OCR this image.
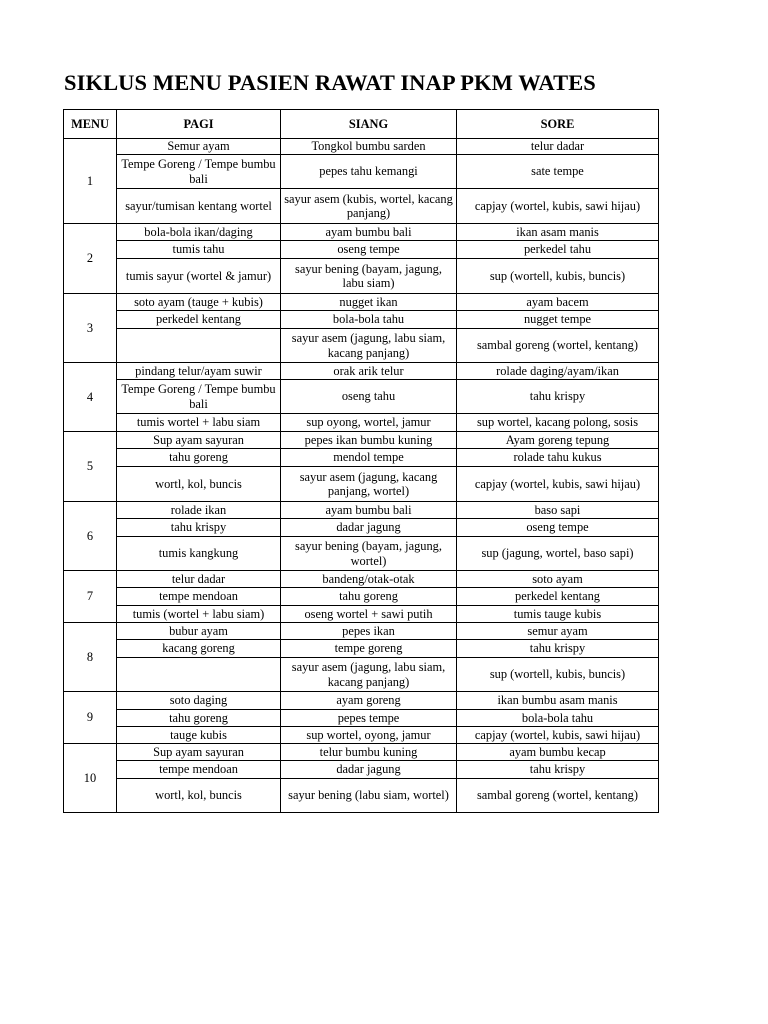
SIKLUS MENU PASIEN RAWAT INAP PKM WATES
MENU	PAGI	SIANG	SORE
1	Semur ayam	Tongkol bumbu sarden	telur dadar
	Tempe Goreng / Tempe bumbu bali	pepes tahu kemangi	sate tempe
	sayur/tumisan kentang wortel	sayur asem (kubis, wortel, kacang panjang)	capjay (wortel, kubis, sawi hijau)
2	bola-bola ikan/daging	ayam bumbu bali	ikan asam manis
	tumis tahu	oseng tempe	perkedel tahu
	tumis sayur (wortel & jamur)	sayur bening (bayam, jagung, labu siam)	sup (wortell, kubis, buncis)
3	soto ayam (tauge + kubis)	nugget ikan	ayam bacem
	perkedel kentang	bola-bola tahu	nugget tempe
		sayur asem (jagung, labu siam, kacang panjang)	sambal goreng (wortel, kentang)
4	pindang telur/ayam suwir	orak arik telur	rolade daging/ayam/ikan
	Tempe Goreng / Tempe bumbu bali	oseng tahu	tahu krispy
	tumis wortel + labu siam	sup oyong, wortel, jamur	sup wortel, kacang polong, sosis
5	Sup ayam sayuran	pepes ikan bumbu kuning	Ayam goreng tepung
	tahu goreng	mendol tempe	rolade tahu kukus
	wortl, kol, buncis	sayur asem (jagung, kacang panjang, wortel)	capjay (wortel, kubis, sawi hijau)
6	rolade ikan	ayam bumbu bali	baso sapi
	tahu krispy	dadar jagung	oseng tempe
	tumis kangkung	sayur bening (bayam, jagung, wortel)	sup (jagung, wortel, baso sapi)
7	telur dadar	bandeng/otak-otak	soto ayam
	tempe mendoan	tahu goreng	perkedel kentang
	tumis (wortel + labu siam)	oseng wortel + sawi putih	tumis tauge kubis
8	bubur ayam	pepes ikan	semur ayam
	kacang goreng	tempe goreng	tahu krispy
		sayur asem (jagung, labu siam, kacang panjang)	sup (wortell, kubis, buncis)
9	soto daging	ayam goreng	ikan bumbu asam manis
	tahu goreng	pepes tempe	bola-bola tahu
	tauge kubis	sup wortel, oyong, jamur	capjay (wortel, kubis, sawi hijau)
10	Sup ayam sayuran	telur bumbu kuning	ayam bumbu kecap
	tempe mendoan	dadar jagung	tahu krispy
	wortl, kol, buncis	sayur bening (labu siam, wortel)	sambal goreng (wortel, kentang)
